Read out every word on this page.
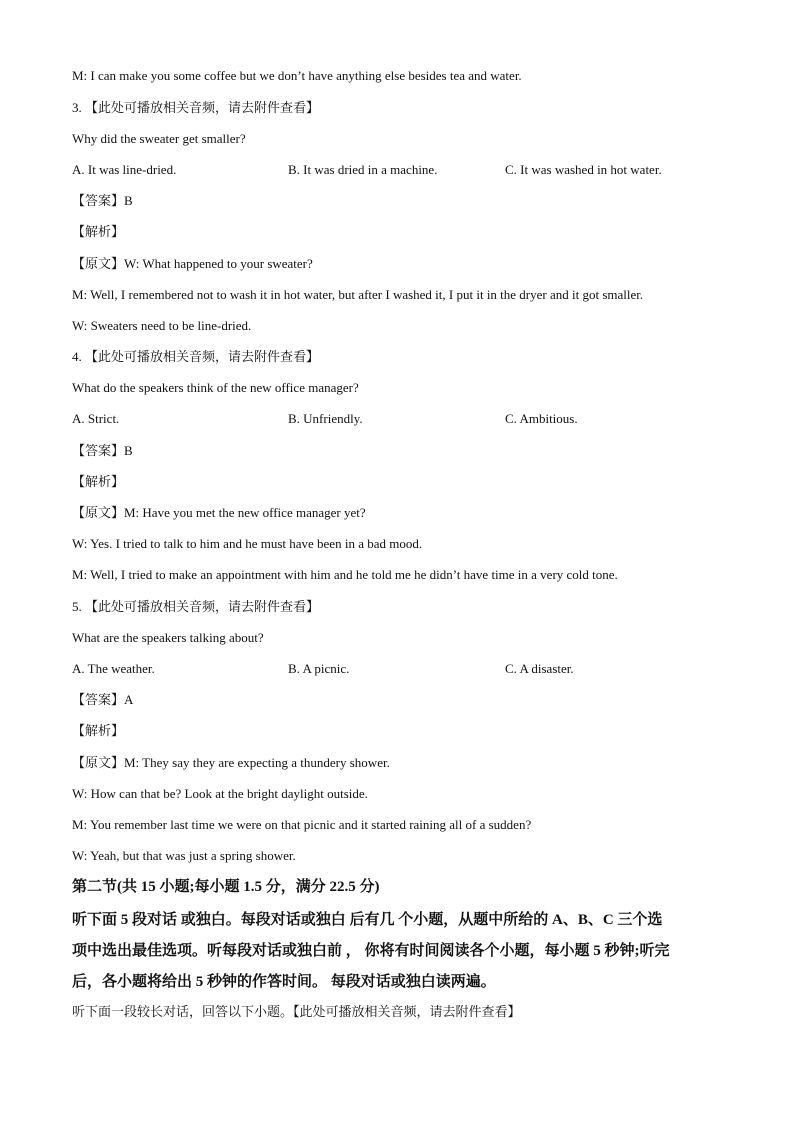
M: I can make you some coffee but we don’t have anything else besides tea and water.
3. 【此处可播放相关音频，请去附件查看】
Why did the sweater get smaller?
A. It was line-dried.	B. It was dried in a machine.	C. It was washed in hot water.
【答案】B
【解析】
【原文】W: What happened to your sweater?
M: Well, I remembered not to wash it in hot water, but after I washed it, I put it in the dryer and it got smaller.
W: Sweaters need to be line-dried.
4. 【此处可播放相关音频，请去附件查看】
What do the speakers think of the new office manager?
A. Strict.	B. Unfriendly.	C. Ambitious.
【答案】B
【解析】
【原文】M: Have you met the new office manager yet?
W: Yes. I tried to talk to him and he must have been in a bad mood.
M: Well, I tried to make an appointment with him and he told me he didn’t have time in a very cold tone.
5. 【此处可播放相关音频，请去附件查看】
What are the speakers talking about?
A. The weather.	B. A picnic.	C. A disaster.
【答案】A
【解析】
【原文】M: They say they are expecting a thundery shower.
W: How can that be? Look at the bright daylight outside.
M: You remember last time we were on that picnic and it started raining all of a sudden?
W: Yeah, but that was just a spring shower.
第二节(共 15 小题;每小题 1.5 分，满分 22.5 分)
听下面 5 段对话 或独白。每段对话或独白 后有几 个小题，从题中所给的 A、B、C 三个选
项中选出最佳选项。听每段对话或独白前 ， 你将有时间阅读各个小题，每小题 5 秒钟;听完
后，各小题将给出 5 秒钟的作答时间。 每段对话或独白读两遍。
听下面一段较长对话，回答以下小题。【此处可播放相关音频，请去附件查看】
